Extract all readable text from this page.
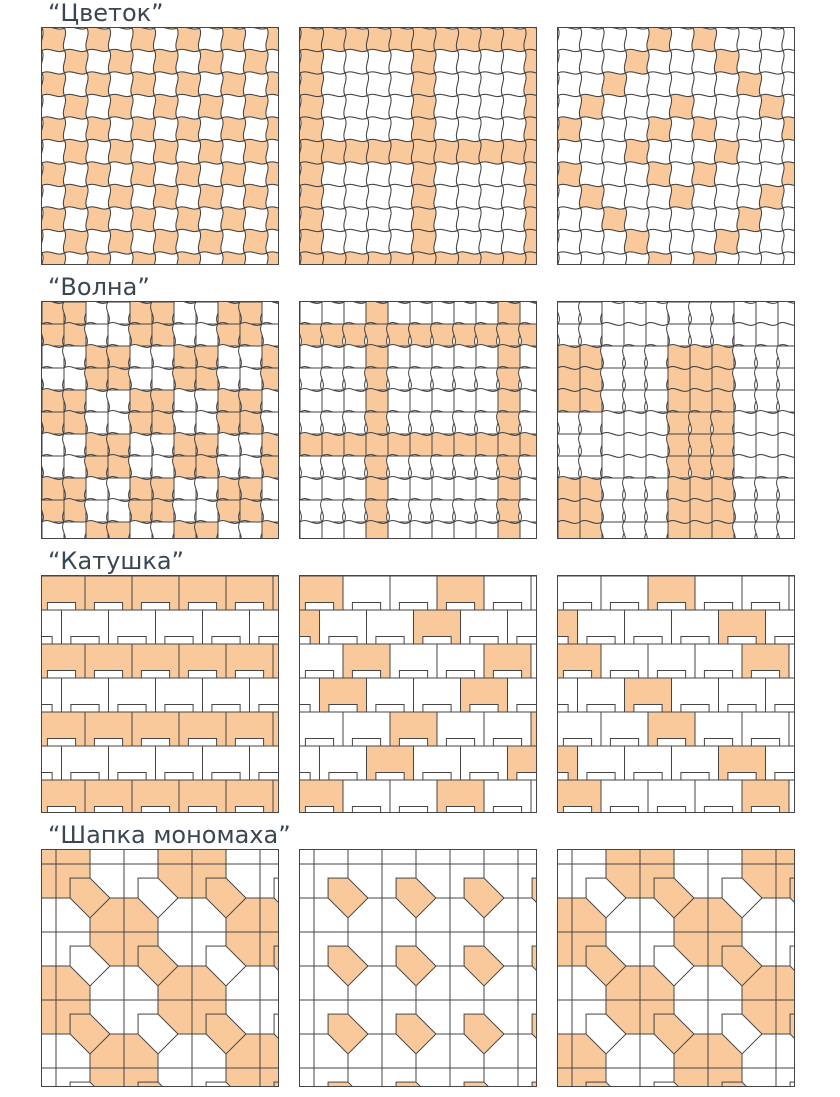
“Цветок”
“Волна”
“Катушка”
“Шапка мономаха”
